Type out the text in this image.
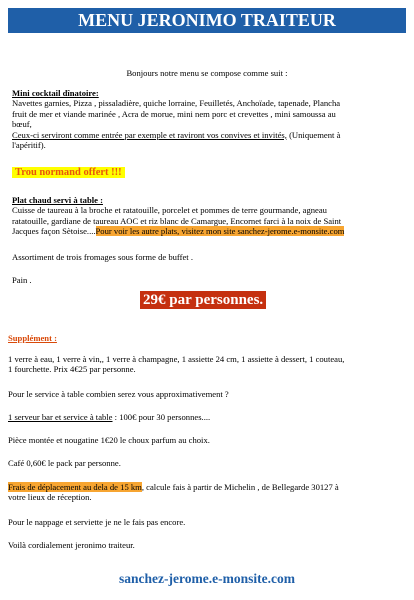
MENU JERONIMO TRAITEUR
Bonjours notre menu se compose comme suit :
Mini cocktail dînatoire:
Navettes garnies, Pizza , pissaladière, quiche lorraine, Feuilletés, Anchoïade, tapenade, Plancha
fruit de mer et viande marinée , Acra de morue, mini nem porc et crevettes , mini samoussa au
bœuf,
Ceux-ci serviront comme entrée par exemple et raviront vos convives et invités, (Uniquement à
l'apéritif).
Trou normand offert !!!
Plat chaud servi à table :
Cuisse de taureau à la broche et ratatouille, porcelet et pommes de terre gourmande, agneau
ratatouille, gardiane de taureau AOC et riz blanc de Camargue, Encornet farci à la noix de Saint
Jacques façon Sètoise....Pour voir les autre plats, visitez mon site sanchez-jerome.e-monsite.com
Assortiment de trois fromages sous forme de buffet .
Pain .
29€ par personnes.
Supplément :
1 verre à eau, 1 verre à vin,, 1 verre à champagne, 1 assiette 24 cm, 1 assiette à dessert, 1 couteau,
1 fourchette. Prix 4€25 par personne.
Pour le service à table combien serez vous approximativement ?
1 serveur bar et service à table : 100€ pour 30 personnes....
Pièce montée et nougatine 1€20 le choux parfum au choix.
Café 0,60€ le pack par personne.
Frais de déplacement au dela de 15 km, calcule fais à partir de Michelin , de Bellegarde 30127 à
votre lieux de réception.
Pour le nappage et serviette je ne le fais pas encore.
Voilà cordialement jeronimo traiteur.
sanchez-jerome.e-monsite.com
